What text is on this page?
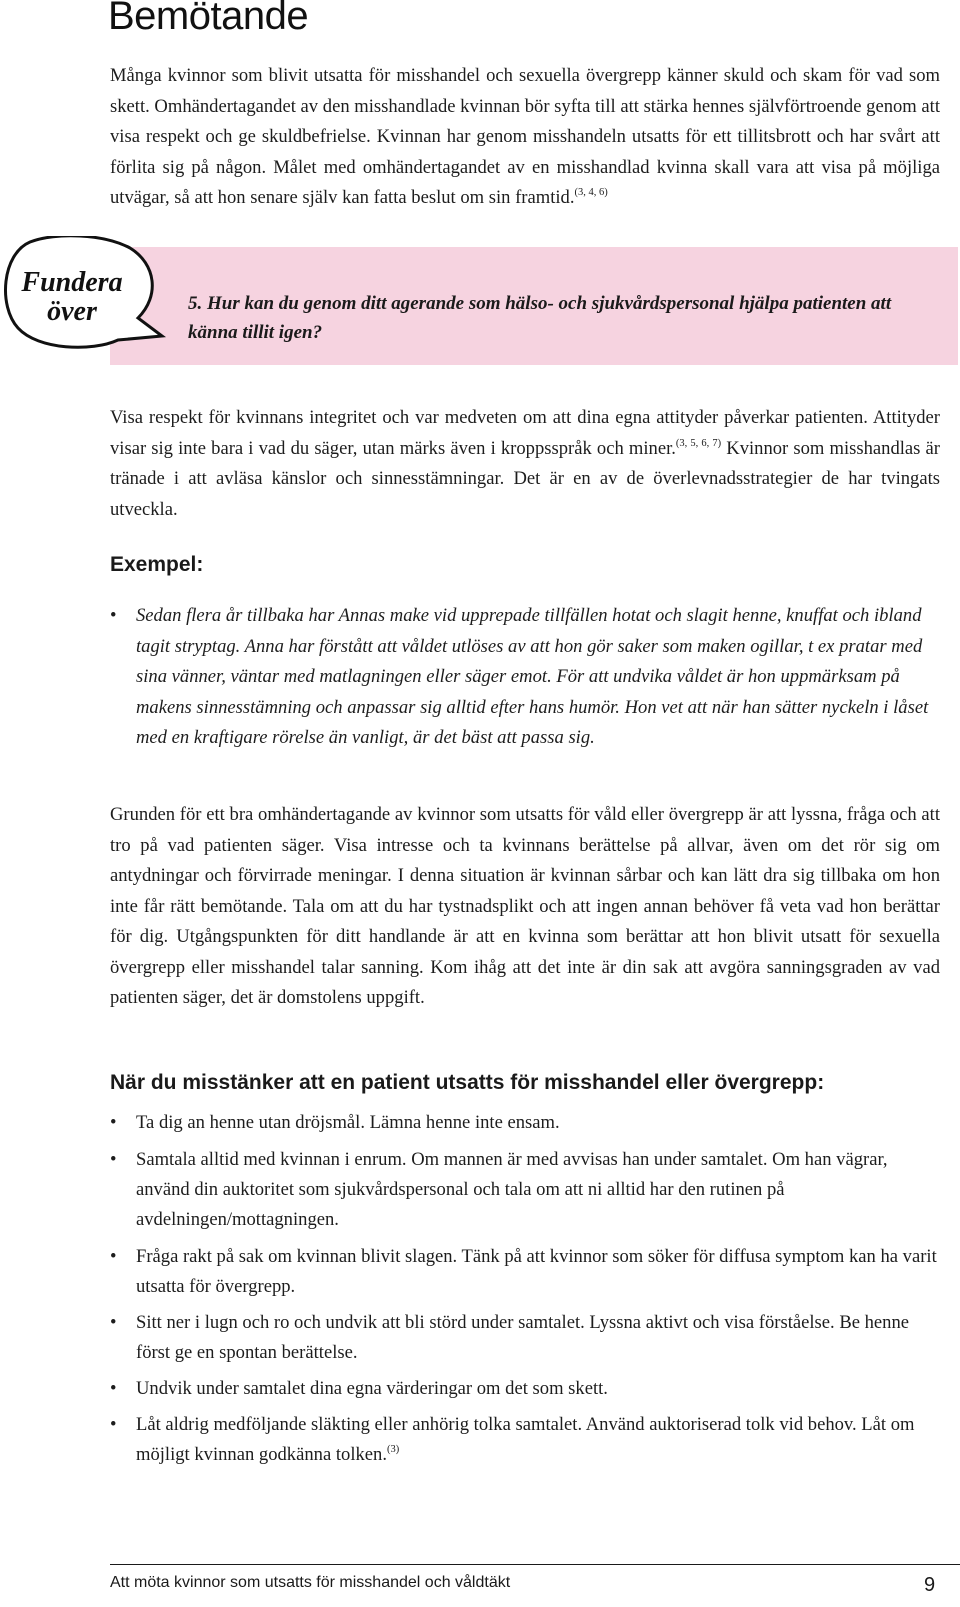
Bemötande

Många kvinnor som blivit utsatta för misshandel och sexuella övergrepp känner skuld och skam för vad som skett. Omhändertagandet av den misshandlade kvinnan bör syfta till att stärka hennes självförtroende genom att visa respekt och ge skuldbefrielse. Kvinnan har genom misshandeln utsatts för ett tillitsbrott och har svårt att förlita sig på någon. Målet med omhändertagandet av en misshandlad kvinna skall vara att visa på möjliga utvägar, så att hon senare själv kan fatta beslut om sin framtid.$^{(3, 4, 6)}$

Fundera
över	5. Hur kan du genom ditt agerande som hälso- och sjukvårdspersonal hjälpa patienten att känna tillit igen?

Visa respekt för kvinnans integritet och var medveten om att dina egna attityder påverkar patienten. Attityder visar sig inte bara i vad du säger, utan märks även i kroppsspråk och miner.$^{(3, 5, 6, 7)}$ Kvinnor som misshandlas är tränade i att avläsa känslor och sinnesstämningar. Det är en av de överlevnadsstrategier de har tvingats utveckla.

Exempel:
• Sedan flera år tillbaka har Annas make vid upprepade tillfällen hotat och slagit henne, knuffat och ibland tagit stryptag. Anna har förstått att våldet utlöses av att hon gör saker som maken ogillar, t ex pratar med sina vänner, väntar med matlagningen eller säger emot. För att undvika våldet är hon uppmärksam på makens sinnesstämning och anpassar sig alltid efter hans humör. Hon vet att när han sätter nyckeln i låset med en kraftigare rörelse än vanligt, är det bäst att passa sig.

Grunden för ett bra omhändertagande av kvinnor som utsatts för våld eller övergrepp är att lyssna, fråga och att tro på vad patienten säger. Visa intresse och ta kvinnans berättelse på allvar, även om det rör sig om antydningar och förvirrade meningar. I denna situation är kvinnan sårbar och kan lätt dra sig tillbaka om hon inte får rätt bemötande. Tala om att du har tystnadsplikt och att ingen annan behöver få veta vad hon berättar för dig. Utgångspunkten för ditt handlande är att en kvinna som berättar att hon blivit utsatt för sexuella övergrepp eller misshandel talar sanning. Kom ihåg att det inte är din sak att avgöra sanningsgraden av vad patienten säger, det är domstolens uppgift.

När du misstänker att en patient utsatts för misshandel eller övergrepp:
• Ta dig an henne utan dröjsmål. Lämna henne inte ensam.
• Samtala alltid med kvinnan i enrum. Om mannen är med avvisas han under samtalet. Om han vägrar, använd din auktoritet som sjukvårdspersonal och tala om att ni alltid har den rutinen på avdelningen/mottagningen.
• Fråga rakt på sak om kvinnan blivit slagen. Tänk på att kvinnor som söker för diffusa symptom kan ha varit utsatta för övergrepp.
• Sitt ner i lugn och ro och undvik att bli störd under samtalet. Lyssna aktivt och visa förståelse. Be henne först ge en spontan berättelse.
• Undvik under samtalet dina egna värderingar om det som skett.
• Låt aldrig medföljande släkting eller anhörig tolka samtalet. Använd auktoriserad tolk vid behov. Låt om möjligt kvinnan godkänna tolken.$^{(3)}$
Att möta kvinnor som utsatts för misshandel och våldtäkt	9
